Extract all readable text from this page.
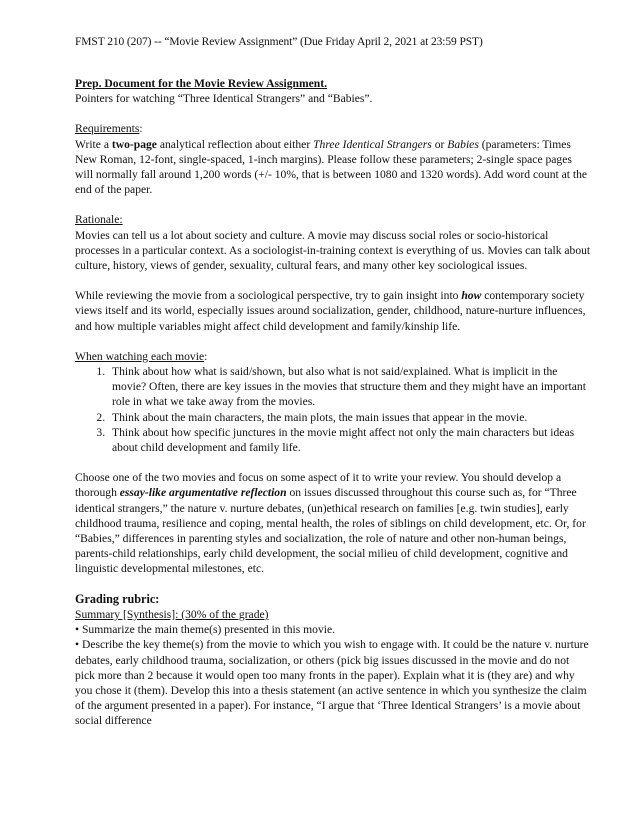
FMST 210 (207) -- “Movie Review Assignment” (Due Friday April 2, 2021 at 23:59 PST)

Prep. Document for the Movie Review Assignment.

Pointers for watching “Three Identical Strangers” and “Babies”.

Requirements:

Write a two-page analytical reflection about either Three Identical Strangers or Babies (parameters: Times New Roman, 12-font, single-spaced, 1-inch margins). Please follow these parameters; 2-single space pages will normally fall around 1,200 words (+/- 10%, that is between 1080 and 1320 words). Add word count at the end of the paper.

Rationale:

Movies can tell us a lot about society and culture. A movie may discuss social roles or socio-historical processes in a particular context. As a sociologist-in-training context is everything of us. Movies can talk about culture, history, views of gender, sexuality, cultural fears, and many other key sociological issues.

While reviewing the movie from a sociological perspective, try to gain insight into how contemporary society views itself and its world, especially issues around socialization, gender, childhood, nature-nurture influences, and how multiple variables might affect child development and family/kinship life.

When watching each movie:

1. Think about how what is said/shown, but also what is not said/explained. What is implicit in the movie? Often, there are key issues in the movies that structure them and they might have an important role in what we take away from the movies.
2. Think about the main characters, the main plots, the main issues that appear in the movie.
3. Think about how specific junctures in the movie might affect not only the main characters but ideas about child development and family life.

Choose one of the two movies and focus on some aspect of it to write your review. You should develop a thorough essay-like argumentative reflection on issues discussed throughout this course such as, for “Three identical strangers,” the nature v. nurture debates, (un)ethical research on families [e.g. twin studies], early childhood trauma, resilience and coping, mental health, the roles of siblings on child development, etc. Or, for “Babies,” differences in parenting styles and socialization, the role of nature and other non-human beings, parents-child relationships, early child development, the social milieu of child development, cognitive and linguistic developmental milestones, etc.

Grading rubric:

Summary [Synthesis]: (30% of the grade)

• Summarize the main theme(s) presented in this movie.

• Describe the key theme(s) from the movie to which you wish to engage with. It could be the nature v. nurture debates, early childhood trauma, socialization, or others (pick big issues discussed in the movie and do not pick more than 2 because it would open too many fronts in the paper). Explain what it is (they are) and why you chose it (them). Develop this into a thesis statement (an active sentence in which you synthesize the claim of the argument presented in a paper). For instance, “I argue that ‘Three Identical Strangers’ is a movie about social difference
